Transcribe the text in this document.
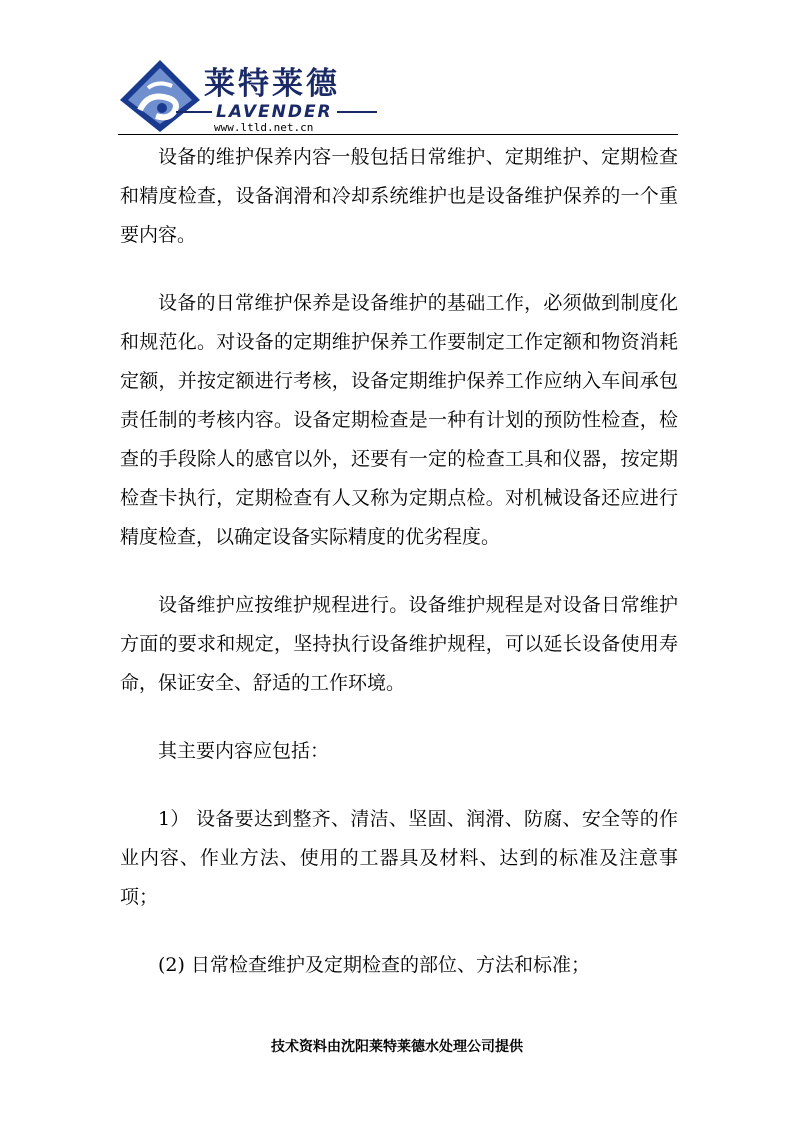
莱特莱德
LAVENDER
www.ltld.net.cn

设备的维护保养内容一般包括日常维护、定期维护、定期检查和精度检查，设备润滑和冷却系统维护也是设备维护保养的一个重要内容。

设备的日常维护保养是设备维护的基础工作，必须做到制度化和规范化。对设备的定期维护保养工作要制定工作定额和物资消耗定额，并按定额进行考核，设备定期维护保养工作应纳入车间承包责任制的考核内容。设备定期检查是一种有计划的预防性检查，检查的手段除人的感官以外，还要有一定的检查工具和仪器，按定期检查卡执行，定期检查有人又称为定期点检。对机械设备还应进行精度检查，以确定设备实际精度的优劣程度。

设备维护应按维护规程进行。设备维护规程是对设备日常维护方面的要求和规定，坚持执行设备维护规程，可以延长设备使用寿命，保证安全、舒适的工作环境。

其主要内容应包括：

1） 设备要达到整齐、清洁、坚固、润滑、防腐、安全等的作业内容、作业方法、使用的工器具及材料、达到的标准及注意事项；

(2) 日常检查维护及定期检查的部位、方法和标准；

技术资料由沈阳莱特莱德水处理公司提供
